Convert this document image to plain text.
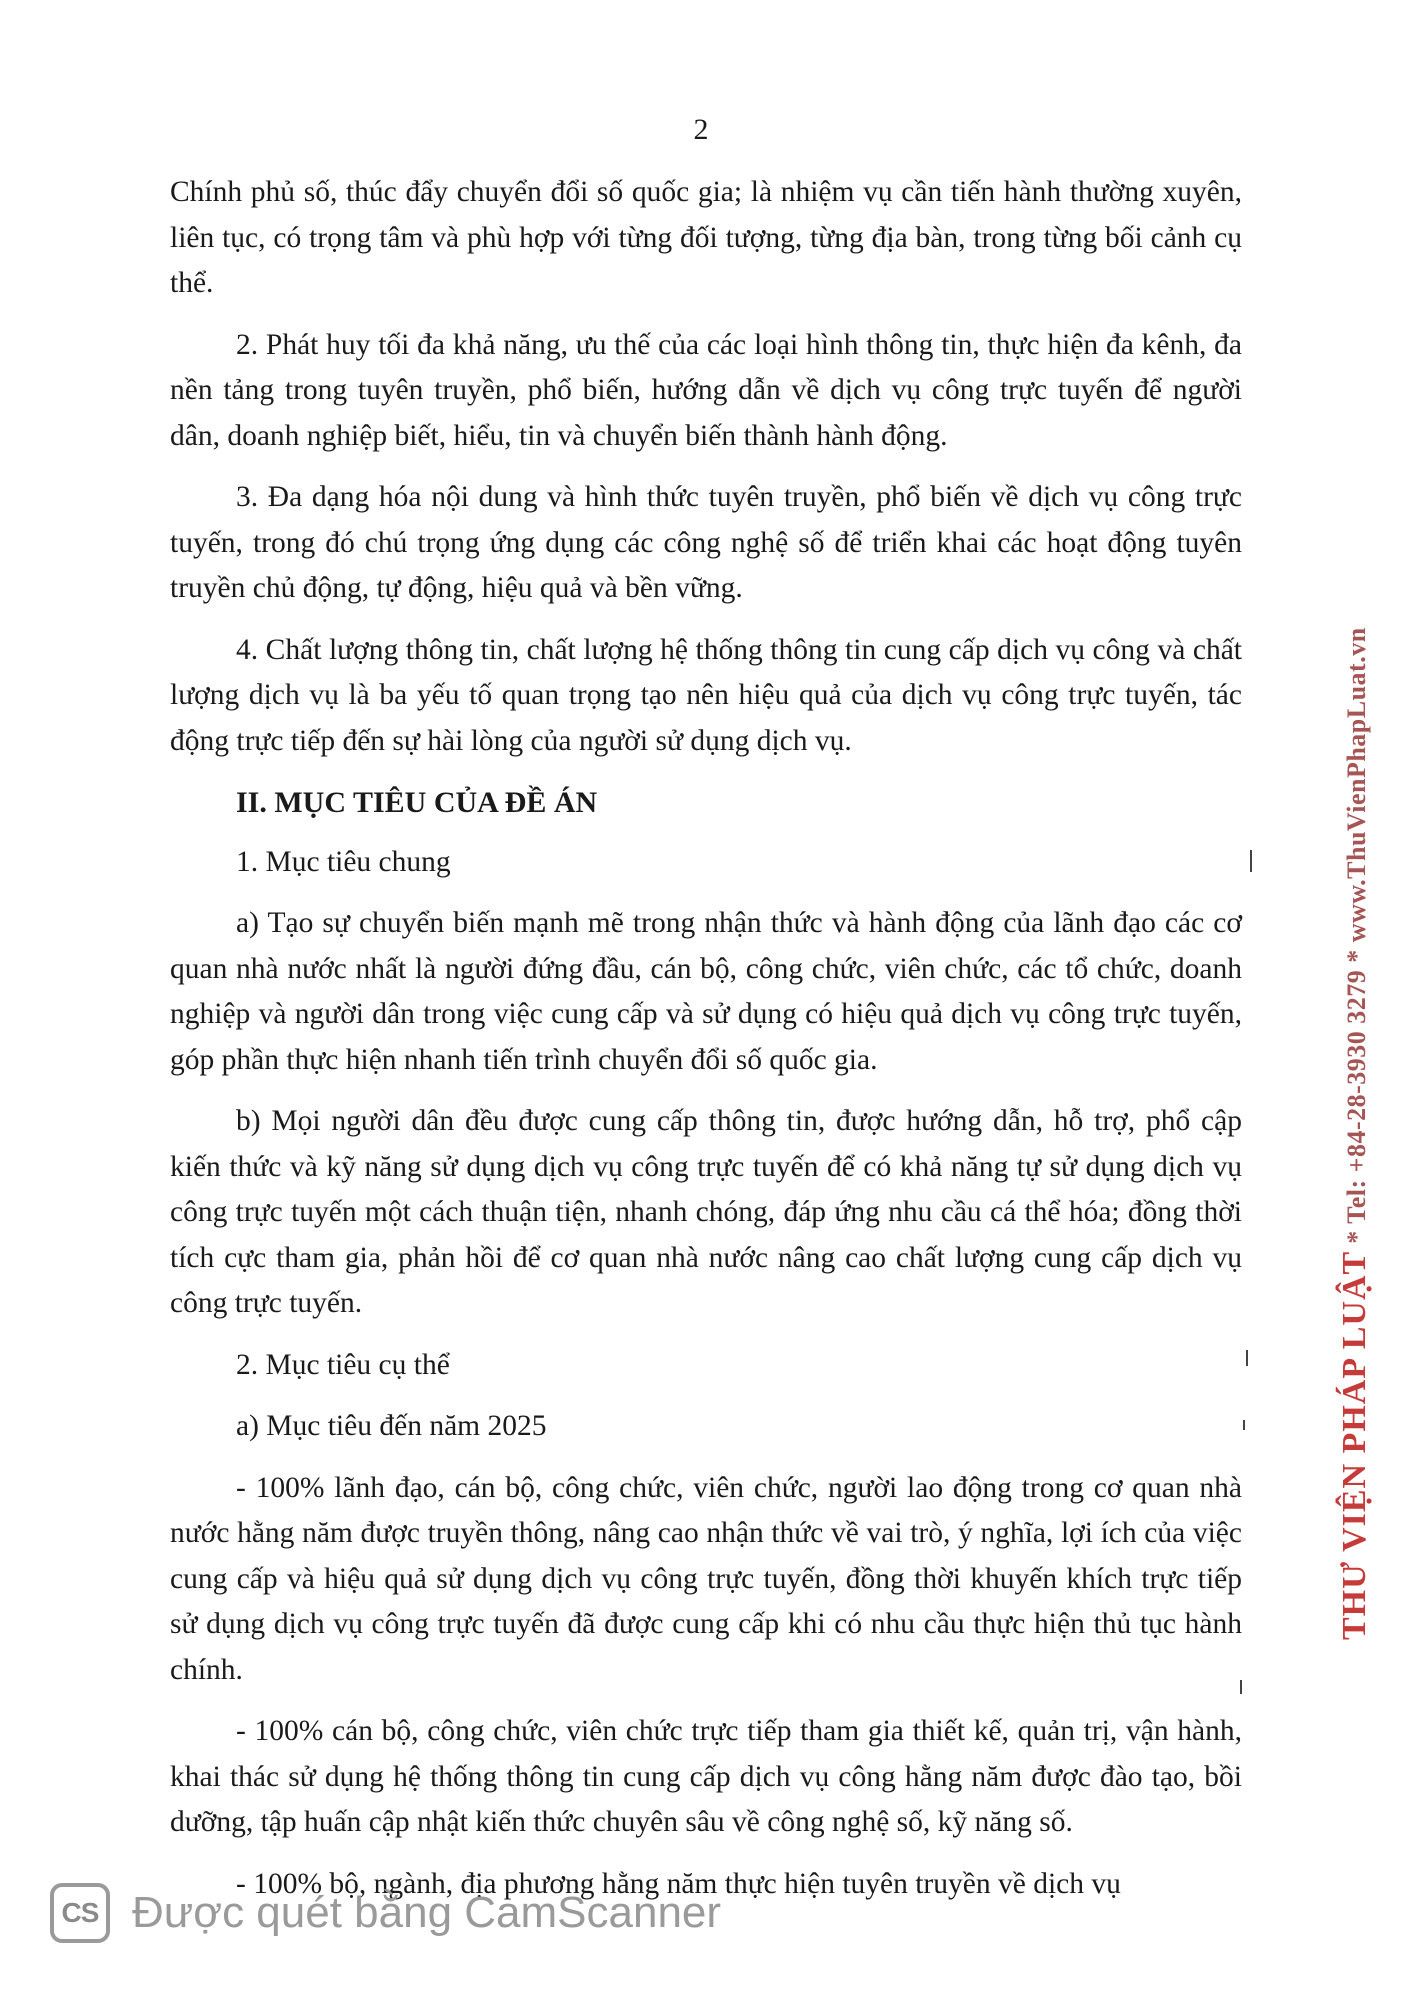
2

Chính phủ số, thúc đẩy chuyển đổi số quốc gia; là nhiệm vụ cần tiến hành thường xuyên, liên tục, có trọng tâm và phù hợp với từng đối tượng, từng địa bàn, trong từng bối cảnh cụ thể.

2. Phát huy tối đa khả năng, ưu thế của các loại hình thông tin, thực hiện đa kênh, đa nền tảng trong tuyên truyền, phổ biến, hướng dẫn về dịch vụ công trực tuyến để người dân, doanh nghiệp biết, hiểu, tin và chuyển biến thành hành động.

3. Đa dạng hóa nội dung và hình thức tuyên truyền, phổ biến về dịch vụ công trực tuyến, trong đó chú trọng ứng dụng các công nghệ số để triển khai các hoạt động tuyên truyền chủ động, tự động, hiệu quả và bền vững.

4. Chất lượng thông tin, chất lượng hệ thống thông tin cung cấp dịch vụ công và chất lượng dịch vụ là ba yếu tố quan trọng tạo nên hiệu quả của dịch vụ công trực tuyến, tác động trực tiếp đến sự hài lòng của người sử dụng dịch vụ.

II. MỤC TIÊU CỦA ĐỀ ÁN

1. Mục tiêu chung

a) Tạo sự chuyển biến mạnh mẽ trong nhận thức và hành động của lãnh đạo các cơ quan nhà nước nhất là người đứng đầu, cán bộ, công chức, viên chức, các tổ chức, doanh nghiệp và người dân trong việc cung cấp và sử dụng có hiệu quả dịch vụ công trực tuyến, góp phần thực hiện nhanh tiến trình chuyển đổi số quốc gia.

b) Mọi người dân đều được cung cấp thông tin, được hướng dẫn, hỗ trợ, phổ cập kiến thức và kỹ năng sử dụng dịch vụ công trực tuyến để có khả năng tự sử dụng dịch vụ công trực tuyến một cách thuận tiện, nhanh chóng, đáp ứng nhu cầu cá thể hóa; đồng thời tích cực tham gia, phản hồi để cơ quan nhà nước nâng cao chất lượng cung cấp dịch vụ công trực tuyến.

2. Mục tiêu cụ thể

a) Mục tiêu đến năm 2025

- 100% lãnh đạo, cán bộ, công chức, viên chức, người lao động trong cơ quan nhà nước hằng năm được truyền thông, nâng cao nhận thức về vai trò, ý nghĩa, lợi ích của việc cung cấp và hiệu quả sử dụng dịch vụ công trực tuyến, đồng thời khuyến khích trực tiếp sử dụng dịch vụ công trực tuyến đã được cung cấp khi có nhu cầu thực hiện thủ tục hành chính.

- 100% cán bộ, công chức, viên chức trực tiếp tham gia thiết kế, quản trị, vận hành, khai thác sử dụng hệ thống thông tin cung cấp dịch vụ công hằng năm được đào tạo, bồi dưỡng, tập huấn cập nhật kiến thức chuyên sâu về công nghệ số, kỹ năng số.

- 100% bộ, ngành, địa phương hằng năm thực hiện tuyên truyền về dịch vụ

THƯ VIỆN PHÁP LUẬT * Tel: +84-28-3930 3279 * www.ThuVienPhapLuat.vn
CS Được quét bằng CamScanner
